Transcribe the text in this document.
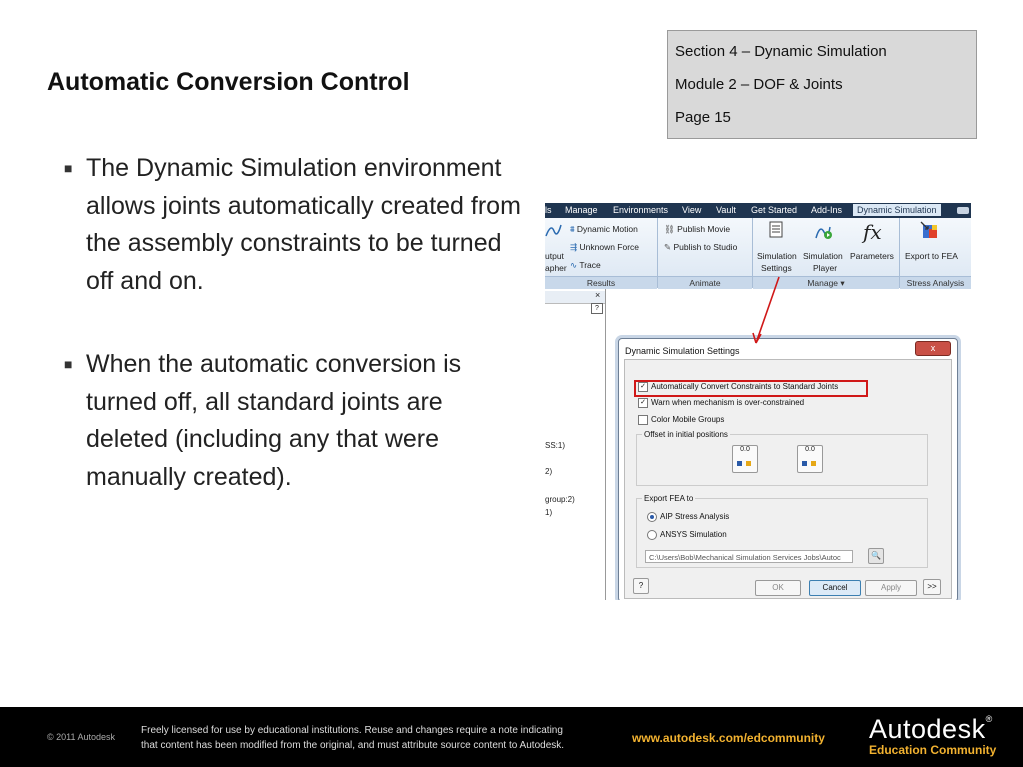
Automatic Conversion Control
Section 4 – Dynamic Simulation
Module 2 – DOF & Joints
Page 15
■ The Dynamic Simulation environment allows joints automatically created from the assembly constraints to be turned off and on.
■ When the automatic conversion is turned off, all standard joints are deleted (including any that were manually created).
ls Manage Environments View Vault Get Started Add-Ins	Dynamic Simulation
utput
apher
⩩ Dynamic Motion
⇶ Unknown Force
∿ Trace
⛓ Publish Movie
✎ Publish to Studio
Simulation
Settings
Simulation
Player
fx
Parameters Export to FEA
Results	Animate	Manage ▾	Stress Analysis
×
?
SS:1)
2)
group:2)
1)
Dynamic Simulation Settings	x
✓ Automatically Convert Constraints to Standard Joints
✓ Warn when mechanism is over-constrained
Color Mobile Groups
Offset in initial positions
0.0	0.0
Export FEA to
AIP Stress Analysis
ANSYS Simulation
C:\Users\Bob\Mechanical Simulation Services Jobs\Autoc	🔍
?	OK	Cancel	Apply	>>
© 2011 Autodesk
Freely licensed for use by educational institutions. Reuse and changes require a note indicating
that content has been modified from the original, and must attribute source content to Autodesk.
www.autodesk.com/edcommunity Autodesk®
Education Community
